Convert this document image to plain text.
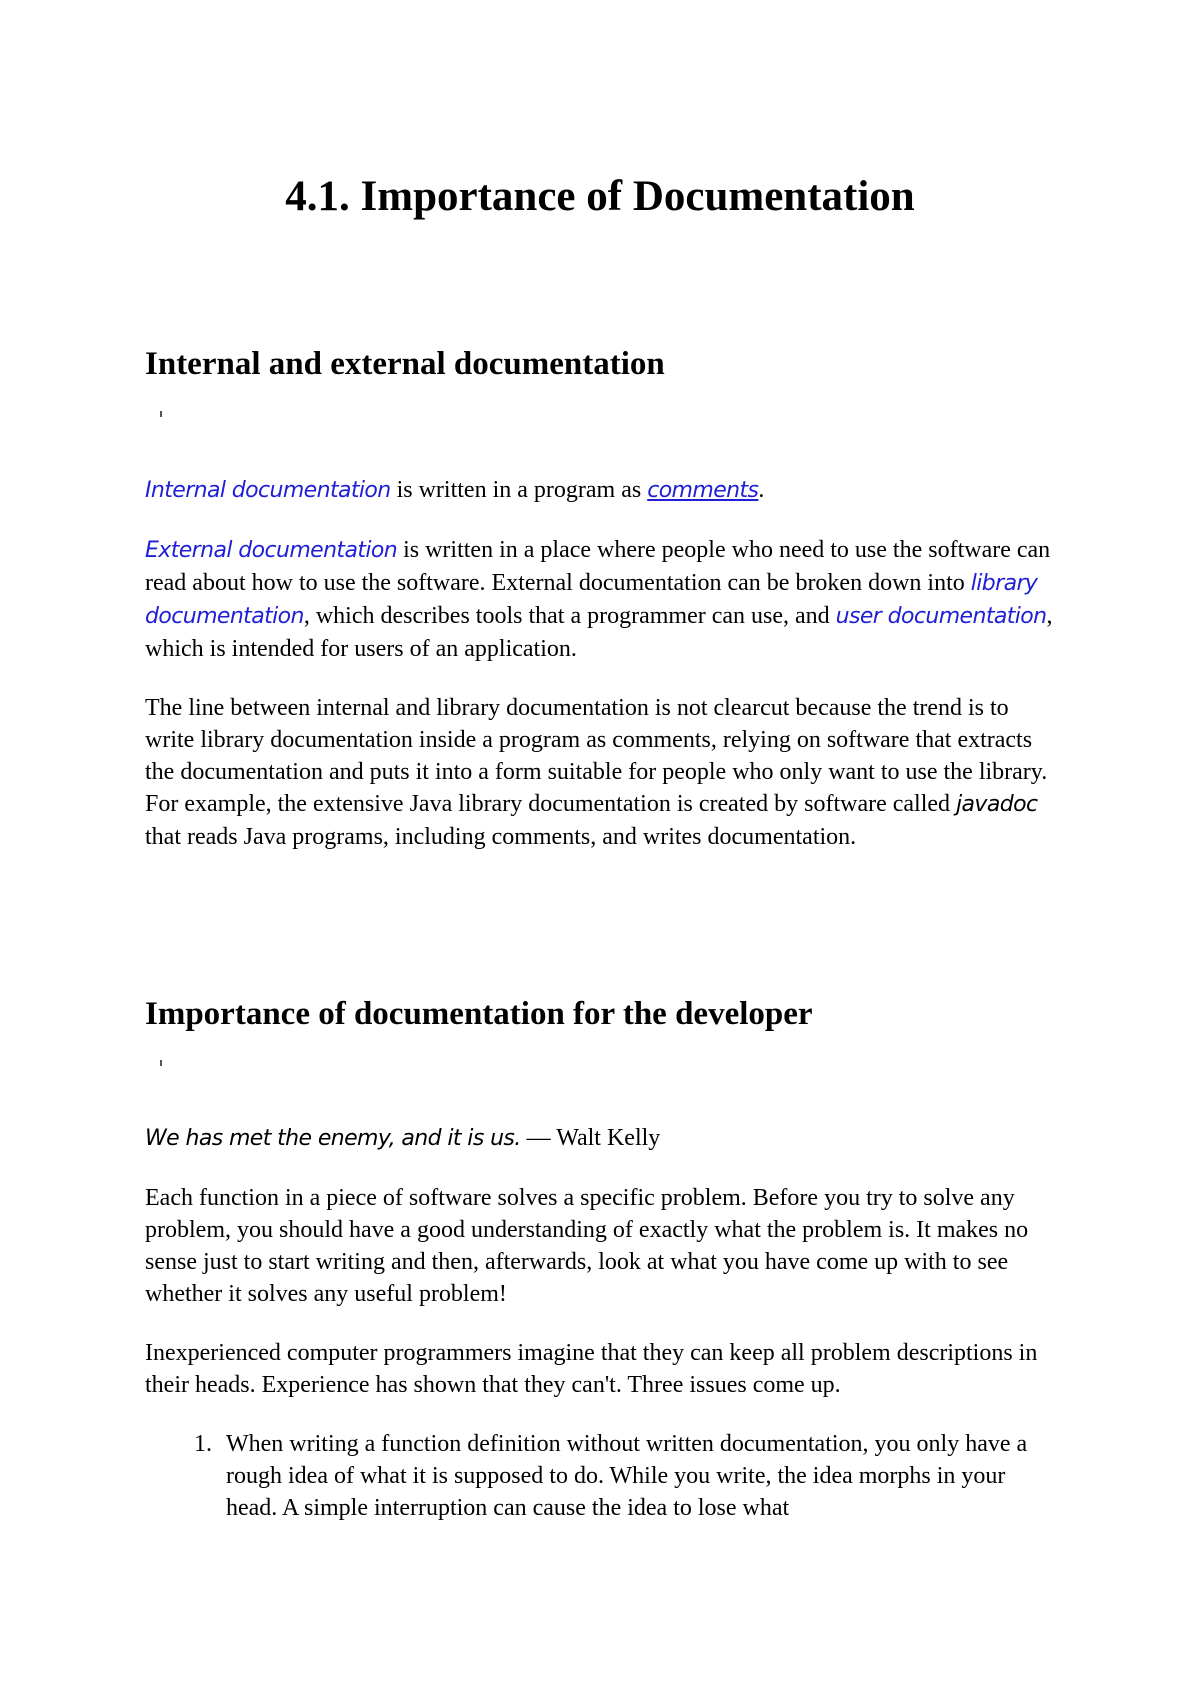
4.1. Importance of Documentation
Internal and external documentation

Internal documentation is written in a program as comments.

External documentation is written in a place where people who need to use the software can read about how to use the software. External documentation can be broken down into library documentation, which describes tools that a programmer can use, and user documentation, which is intended for users of an application.

The line between internal and library documentation is not clearcut because the trend is to write library documentation inside a program as comments, relying on software that extracts the documentation and puts it into a form suitable for people who only want to use the library. For example, the extensive Java library documentation is created by software called javadoc that reads Java programs, including comments, and writes documentation.

Importance of documentation for the developer

We has met the enemy, and it is us. — Walt Kelly

Each function in a piece of software solves a specific problem. Before you try to solve any problem, you should have a good understanding of exactly what the problem is. It makes no sense just to start writing and then, afterwards, look at what you have come up with to see whether it solves any useful problem!

Inexperienced computer programmers imagine that they can keep all problem descriptions in their heads. Experience has shown that they can't. Three issues come up.

1. When writing a function definition without written documentation, you only have a rough idea of what it is supposed to do. While you write, the idea morphs in your head. A simple interruption can cause the idea to lose what
